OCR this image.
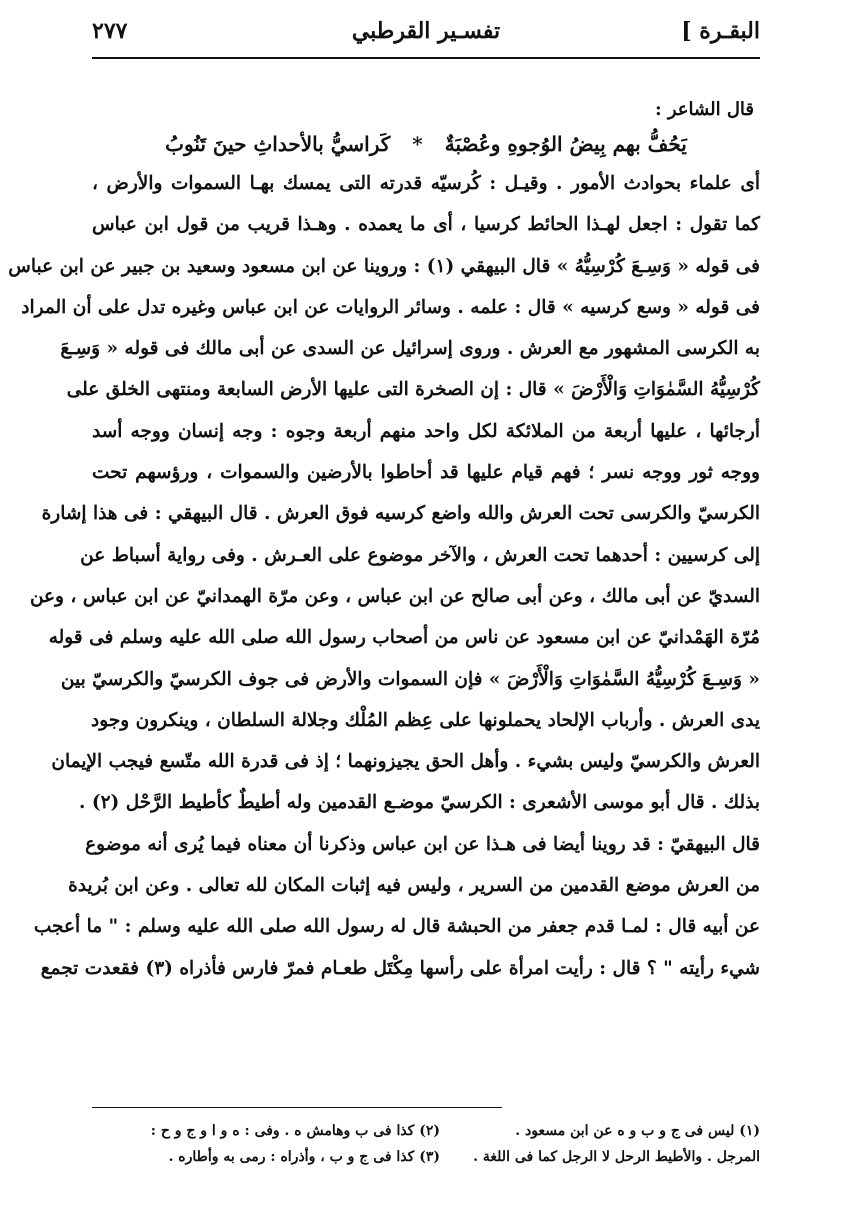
البقـرة ]
تفسـير القرطبي
٢٧٧
قال الشاعر :
يَحُفُّ بهم بِيضُ الوُجوهِ وعُصْبَةٌ
*
كَراسيُّ بالأحداثِ حينَ تَنُوبُ
أى علماء بحوادث الأمور . وقيـل : كُرسيّه قدرته التى يمسك بهـا السموات والأرض ،
كما تقول : اجعل لهـذا الحائط كرسيا ، أى ما يعمده . وهـذا قريب من قول ابن عباس
فى قوله « وَسِـعَ كُرْسِيُّهُ » قال البيهقي (١) : وروينا عن ابن مسعود وسعيد بن جبير عن ابن عباس
فى قوله « وسع كرسيه » قال : علمه . وسائر الروايات عن ابن عباس وغيره تدل على أن المراد
به الكرسى المشهور مع العرش . وروى إسرائيل عن السدى عن أبى مالك فى قوله « وَسِـعَ
كُرْسِيُّهُ السَّمٰوَاتِ وَالْأَرْضَ » قال : إن الصخرة التى عليها الأرض السابعة ومنتهى الخلق على
أرجائها ، عليها أربعة من الملائكة لكل واحد منهم أربعة وجوه : وجه إنسان ووجه أسد
ووجه ثور ووجه نسر ؛ فهم قيام عليها قد أحاطوا بالأرضين والسموات ، ورؤسهم تحت
الكرسيّ والكرسى تحت العرش والله واضع كرسيه فوق العرش . قال البيهقي : فى هذا إشارة
إلى كرسيين : أحدهما تحت العرش ، والآخر موضوع على العـرش . وفى رواية أسباط عن
السديّ عن أبى مالك ، وعن أبى صالح عن ابن عباس ، وعن مرّة الهمدانيّ عن ابن عباس ، وعن
مُرّة الهَمْدانيّ عن ابن مسعود عن ناس من أصحاب رسول الله صلى الله عليه وسلم فى قوله
« وَسِـعَ كُرْسِيُّهُ السَّمٰوَاتِ وَالْأَرْضَ » فإن السموات والأرض فى جوف الكرسيّ والكرسيّ بين
يدى العرش . وأرباب الإلحاد يحملونها على عِظم المُلْك وجلالة السلطان ، وينكرون وجود
العرش والكرسيّ وليس بشيء . وأهل الحق يجيزونهما ؛ إذ فى قدرة الله متّسع فيجب الإيمان
بذلك . قال أبو موسى الأشعرى : الكرسيّ موضـع القدمين وله أطيطٌ كأطيط الرَّحْل (٢) .
قال البيهقيّ : قد روينا أيضا فى هـذا عن ابن عباس وذكرنا أن معناه فيما يُرى أنه موضوع
من العرش موضع القدمين من السرير ، وليس فيه إثبات المكان لله تعالى . وعن ابن بُريدة
عن أبيه قال : لمـا قدم جعفر من الحبشة قال له رسول الله صلى الله عليه وسلم : " ما أعجب
شيء رأيته " ؟ قال : رأيت امرأة على رأسها مِكْتَل طعـام فمرّ فارس فأذراه (٣) فقعدت تجمع
(١) ليس فى ج و ب و ه عن ابن مسعود .
(٢) كذا فى ب وهامش ه . وفى : ه و ا و ج و ح :
المرجل . والأطيط الرحل لا الرجل كما فى اللغة .
(٣) كذا فى ج و ب ، وأذراه : رمى به وأطاره .
